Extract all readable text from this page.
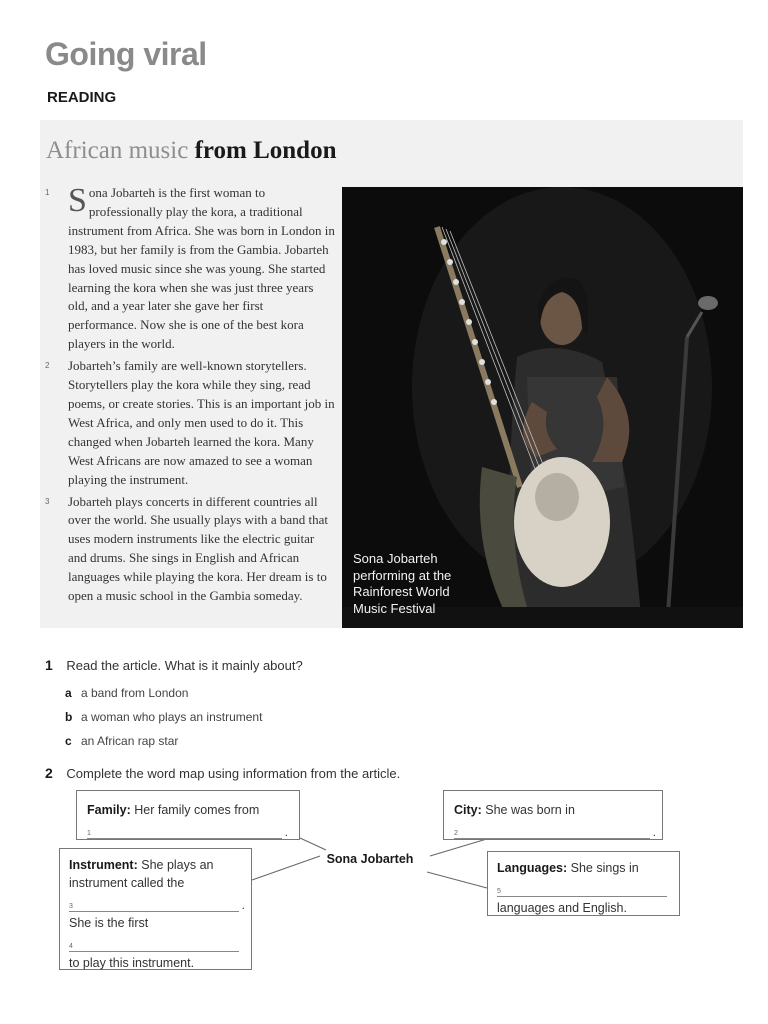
Going viral
READING
African music from London
1 S ona Jobarteh is the first woman to professionally play the kora, a traditional instrument from Africa. She was born in London in 1983, but her family is from the Gambia. Jobarteh has loved music since she was young. She started learning the kora when she was just three years old, and a year later she gave her first performance. Now she is one of the best kora players in the world.
2 Jobarteh’s family are well-known storytellers. Storytellers play the kora while they sing, read poems, or create stories. This is an important job in West Africa, and only men used to do it. This changed when Jobarteh learned the kora. Many West Africans are now amazed to see a woman playing the instrument.
3 Jobarteh plays concerts in different countries all over the world. She usually plays with a band that uses modern instruments like the electric guitar and drums. She sings in English and African languages while playing the kora. Her dream is to open a music school in the Gambia someday.
Sona Jobarteh performing at the Rainforest World Music Festival
1 Read the article. What is it mainly about?
a a band from London
b a woman who plays an instrument
c an African rap star
2 Complete the word map using information from the article.
Sona Jobarteh
Family: Her family comes from
1	.
City: She was born in
2	.
Instrument: She plays an instrument called the
3	.
She is the first
4
to play this instrument.
Languages: She sings in
5
languages and English.
